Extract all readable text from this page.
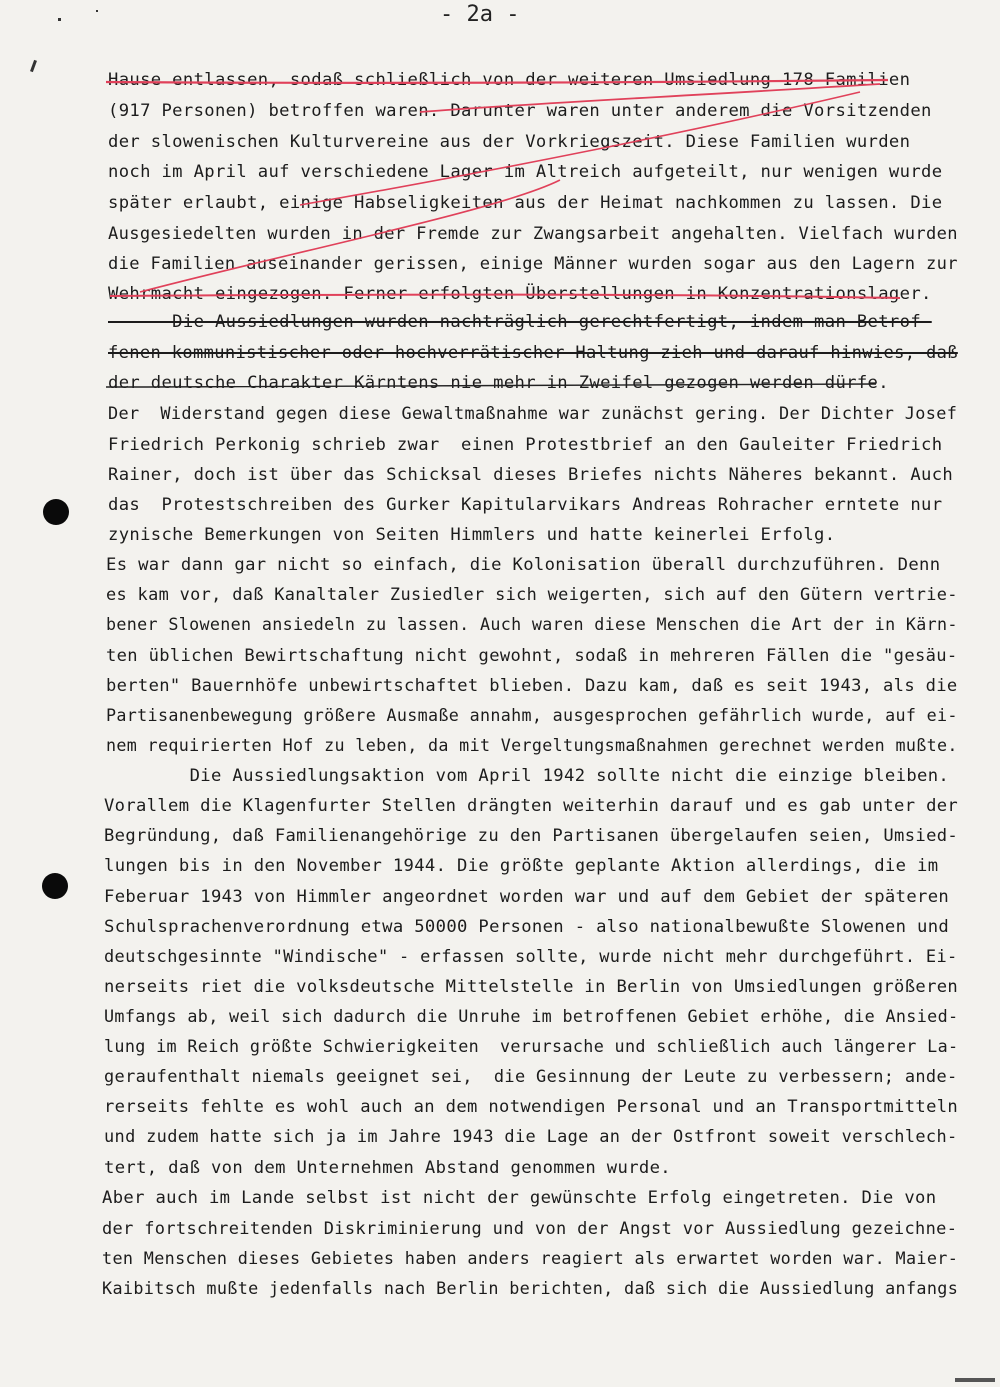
- 2a -
Hause entlassen, sodaß schließlich von der weiteren Umsiedlung 178 Familien
(917 Personen) betroffen waren. Darunter waren unter anderem die Vorsitzenden
der slowenischen Kulturvereine aus der Vorkriegszeit. Diese Familien wurden
noch im April auf verschiedene Lager im Altreich aufgeteilt, nur wenigen wurde
später erlaubt, einige Habseligkeiten aus der Heimat nachkommen zu lassen. Die
Ausgesiedelten wurden in der Fremde zur Zwangsarbeit angehalten. Vielfach wurden
die Familien auseinander gerissen, einige Männer wurden sogar aus den Lagern zur
Wehrmacht eingezogen. Ferner erfolgten Überstellungen in Konzentrationslager.
Die Aussiedlungen wurden nachträglich gerechtfertigt, indem man Betrof-
fenen kommunistischer oder hochverrätischer Haltung zieh und darauf hinwies, daß
der deutsche Charakter Kärntens nie mehr in Zweifel gezogen werden dürfe.
Der  Widerstand gegen diese Gewaltmaßnahme war zunächst gering. Der Dichter Josef
Friedrich Perkonig schrieb zwar  einen Protestbrief an den Gauleiter Friedrich
Rainer, doch ist über das Schicksal dieses Briefes nichts Näheres bekannt. Auch
das  Protestschreiben des Gurker Kapitularvikars Andreas Rohracher erntete nur
zynische Bemerkungen von Seiten Himmlers und hatte keinerlei Erfolg.
Es war dann gar nicht so einfach, die Kolonisation überall durchzuführen. Denn
es kam vor, daß Kanaltaler Zusiedler sich weigerten, sich auf den Gütern vertrie-
bener Slowenen ansiedeln zu lassen. Auch waren diese Menschen die Art der in Kärn-
ten üblichen Bewirtschaftung nicht gewohnt, sodaß in mehreren Fällen die "gesäu-
berten" Bauernhöfe unbewirtschaftet blieben. Dazu kam, daß es seit 1943, als die
Partisanenbewegung größere Ausmaße annahm, ausgesprochen gefährlich wurde, auf ei-
nem requirierten Hof zu leben, da mit Vergeltungsmaßnahmen gerechnet werden mußte.
Die Aussiedlungsaktion vom April 1942 sollte nicht die einzige bleiben.
Vorallem die Klagenfurter Stellen drängten weiterhin darauf und es gab unter der
Begründung, daß Familienangehörige zu den Partisanen übergelaufen seien, Umsied-
lungen bis in den November 1944. Die größte geplante Aktion allerdings, die im
Feberuar 1943 von Himmler angeordnet worden war und auf dem Gebiet der späteren
Schulsprachenverordnung etwa 50000 Personen - also nationalbewußte Slowenen und
deutschgesinnte "Windische" - erfassen sollte, wurde nicht mehr durchgeführt. Ei-
nerseits riet die volksdeutsche Mittelstelle in Berlin von Umsiedlungen größeren
Umfangs ab, weil sich dadurch die Unruhe im betroffenen Gebiet erhöhe, die Ansied-
lung im Reich größte Schwierigkeiten  verursache und schließlich auch längerer La-
geraufenthalt niemals geeignet sei,  die Gesinnung der Leute zu verbessern; ande-
rerseits fehlte es wohl auch an dem notwendigen Personal und an Transportmitteln
und zudem hatte sich ja im Jahre 1943 die Lage an der Ostfront soweit verschlech-
tert, daß von dem Unternehmen Abstand genommen wurde.
Aber auch im Lande selbst ist nicht der gewünschte Erfolg eingetreten. Die von
der fortschreitenden Diskriminierung und von der Angst vor Aussiedlung gezeichne-
ten Menschen dieses Gebietes haben anders reagiert als erwartet worden war. Maier-
Kaibitsch mußte jedenfalls nach Berlin berichten, daß sich die Aussiedlung anfangs
